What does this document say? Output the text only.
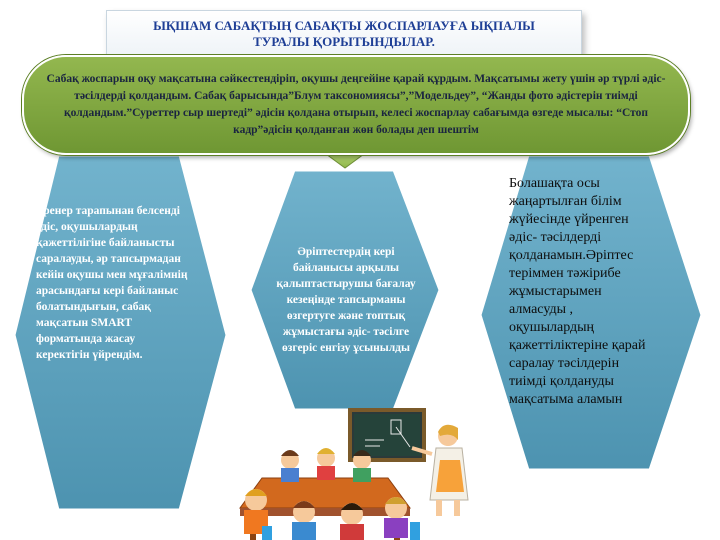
ЫҚШАМ САБАҚТЫҢ САБАҚТЫ ЖОСПАРЛАУҒА ЫҚПАЛЫ
ТУРАЛЫ ҚОРЫТЫНДЫЛАР.
Сабақ жоспарын оқу мақсатына сәйкестендіріп, оқушы деңгейіне қарай құрдым. Мақсатымы жету үшін әр түрлі әдіс-тәсілдерді қолдандым. Сабақ барысында”Блум таксономиясы”,”Модельдеу”, “Жанды фото әдістерін тиімді қолдандым.”Суреттер сыр шертеді” әдісін қолдана отырып, келесі жоспарлау сабағымда өзгеде мысалы: “Стоп кадр”әдісін қолданған жөн болады деп шештім
Тренер тарапынан белсенді әдіс, оқушылардың қажеттілігіне байланысты саралауды, әр тапсырмадан кейін оқушы мен мұғалімнің арасындағы кері байланыс болатындығын, сабақ мақсатын SMART форматында жасау керектігін үйрендім.
Әріптестердің кері байланысы арқылы қалыптастырушы бағалау кезеңінде тапсырманы өзгертуге және топтық жұмыстағы әдіс- тәсілге өзгеріс енгізу ұсынылды
Болашақта осы жаңартылған білім жүйесінде үйренген әдіс- тәсілдерді қолданамын.Әріптес теріммен тәжірибе жұмыстарымен алмасуды , оқушылардың қажеттіліктеріне қарай саралау тәсілдерін тиімді қолдануды мақсатыма аламын
